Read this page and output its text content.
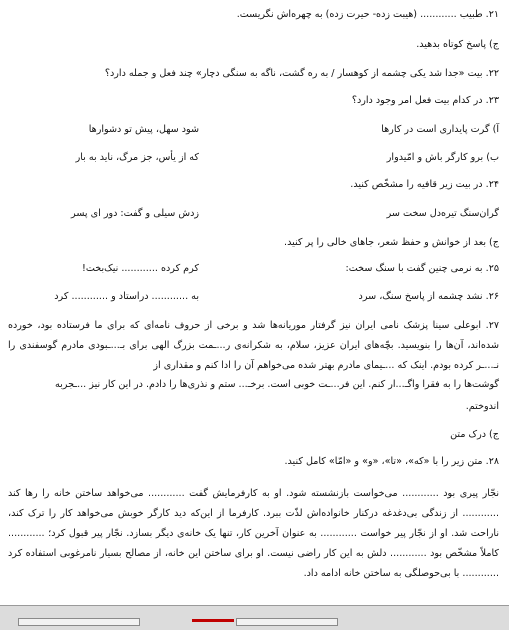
۲۱. طبیب ............ (هیبت زده- حیرت زده) به چهره‌اش نگریست.
ج) پاسخ کوتاه بدهید.
۲۲. بیت «جدا شد یکی چشمه از کوهسار / به ره گشت، ناگه به سنگی دچار» چند فعل و جمله دارد؟
۲۳. در کدام بیت فعل امر وجود دارد؟
آ) گرت پایداری است در کارها
شود سهل، پیش تو دشوارها
ب) برو کارگر باش و امّیدوار
که از یأس، جز مرگ، ناید به بار
۲۴. در بیت زیر قافیه را مشخّص کنید.
گران‌سنگ تیره‌دل سخت سر
زدش سیلی و گفت: دور ای پسر
ج) بعد از خوانش و حفظ شعر، جاهای خالی را پر کنید.
۲۵. به نرمی چنین گفت با سنگ سخت:
کرم کرده ............ نیک‌بخت!
۲۶. نشد چشمه از پاسخ سنگ، سرد
به ............ دراستاد و ............ کرد
۲۷. ابوعلی سینا پزشک نامی ایران نیز گرفتار موریانه‌ها شد و برخی از حروف نامه‌ای که برای ما فرستاده بود، خورده شده‌اند، آن‌ها را بنویسید. بچّه‌های ایران عزیز، سلام، به شکرانه‌ی ر...ـمت بزرگ الهی برای بـ...ـبودی مادرم گوسفندی را نـ...ـر کرده بودم. اینک که ...ـیمای مادرم بهتر شده می‌خواهم آن را ادا کنم و مقداری از
گوشت‌ها را به فقرا واگـ...ار کنم. این فر...ـت خوبی است. برخـ... ستم و نذری‌ها را دادم. در این کار نیز ...ـجربه
اندوختم.
ج) درک متن
۲۸. متن زیر را با «که»، «تا»، «و» و «امّا» کامل کنید.
نجّار پیری بود ............ می‌خواست بازنشسته شود. او به کارفرمایش گفت ............ می‌خواهد ساختن خانه را رها کند ............ از زندگی بی‌دغدغه درکنار خانواده‌اش لذّت ببرد. کارفرما از این‌که دید کارگر خوبش می‌خواهد کار را ترک کند، ناراحت شد. او از نجّار پیر خواست ............ به عنوان آخرین کار، تنها یک خانه‌ی دیگر بسازد. نجّار پیر قبول کرد؛ ............ کاملاً مشخّص بود ............ دلش به این کار راضی نیست. او برای ساختن این خانه، از مصالح بسیار نامرغوبی استفاده کرد ............ با بی‌حوصلگی به ساختن خانه ادامه داد.
